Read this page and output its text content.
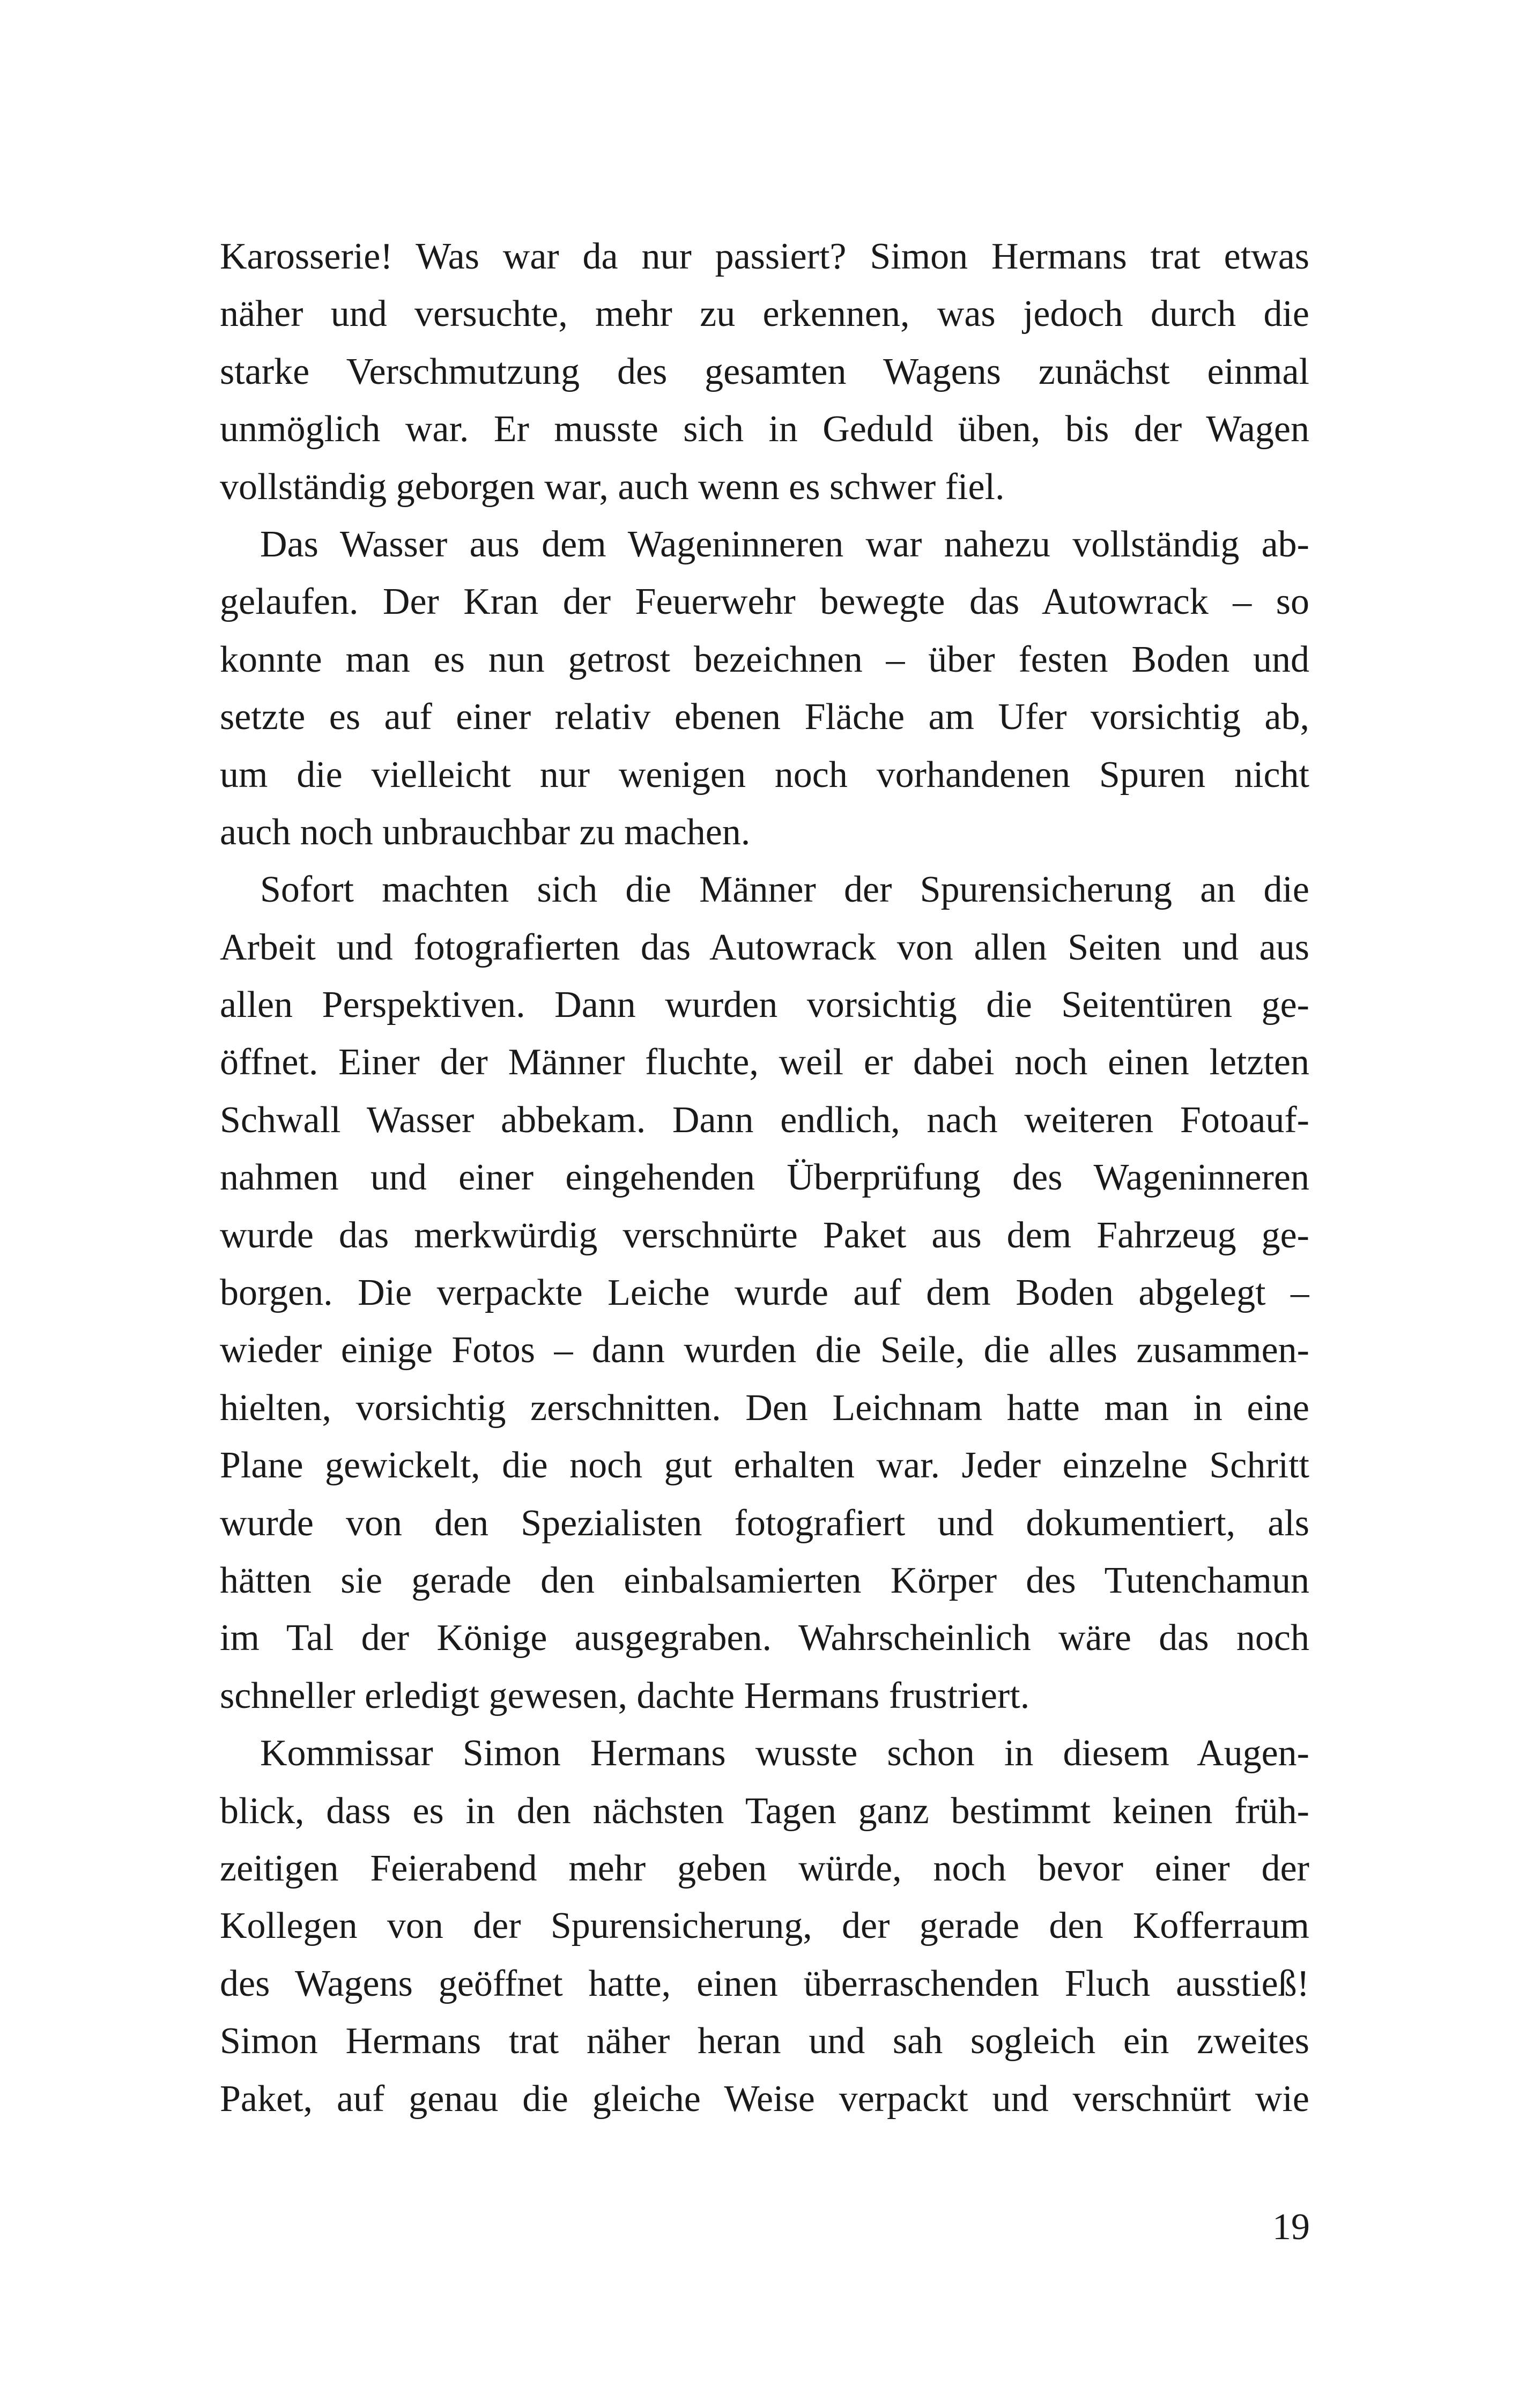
Karosserie! Was war da nur passiert? Simon Hermans trat etwas
näher und versuchte, mehr zu erkennen, was jedoch durch die
starke Verschmutzung des gesamten Wagens zunächst einmal
unmöglich war. Er musste sich in Geduld üben, bis der Wagen
vollständig geborgen war, auch wenn es schwer fiel.
Das Wasser aus dem Wageninneren war nahezu vollständig ab-
gelaufen. Der Kran der Feuerwehr bewegte das Autowrack – so
konnte man es nun getrost bezeichnen – über festen Boden und
setzte es auf einer relativ ebenen Fläche am Ufer vorsichtig ab,
um die vielleicht nur wenigen noch vorhandenen Spuren nicht
auch noch unbrauchbar zu machen.
Sofort machten sich die Männer der Spurensicherung an die
Arbeit und fotografierten das Autowrack von allen Seiten und aus
allen Perspektiven. Dann wurden vorsichtig die Seitentüren ge-
öffnet. Einer der Männer fluchte, weil er dabei noch einen letzten
Schwall Wasser abbekam. Dann endlich, nach weiteren Fotoauf-
nahmen und einer eingehenden Überprüfung des Wageninneren
wurde das merkwürdig verschnürte Paket aus dem Fahrzeug ge-
borgen. Die verpackte Leiche wurde auf dem Boden abgelegt –
wieder einige Fotos – dann wurden die Seile, die alles zusammen-
hielten, vorsichtig zerschnitten. Den Leichnam hatte man in eine
Plane gewickelt, die noch gut erhalten war. Jeder einzelne Schritt
wurde von den Spezialisten fotografiert und dokumentiert, als
hätten sie gerade den einbalsamierten Körper des Tutenchamun
im Tal der Könige ausgegraben. Wahrscheinlich wäre das noch
schneller erledigt gewesen, dachte Hermans frustriert.
Kommissar Simon Hermans wusste schon in diesem Augen-
blick, dass es in den nächsten Tagen ganz bestimmt keinen früh-
zeitigen Feierabend mehr geben würde, noch bevor einer der
Kollegen von der Spurensicherung, der gerade den Kofferraum
des Wagens geöffnet hatte, einen überraschenden Fluch ausstieß!
Simon Hermans trat näher heran und sah sogleich ein zweites
Paket, auf genau die gleiche Weise verpackt und verschnürt wie
19
